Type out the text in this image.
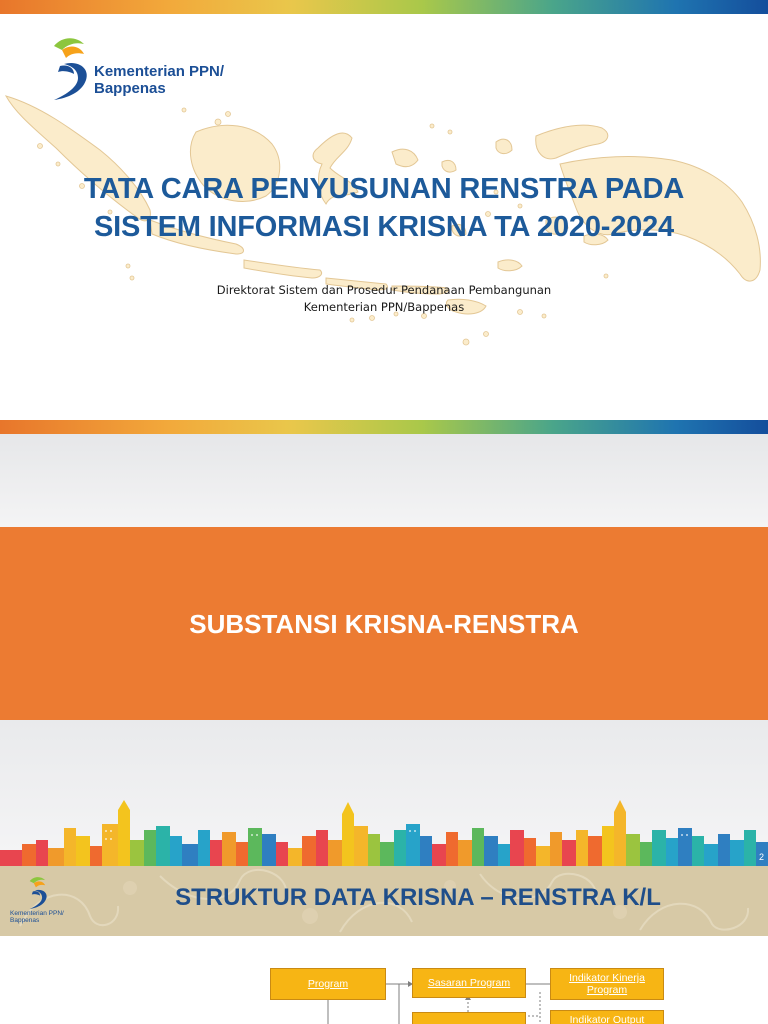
Kementerian PPN/
Bappenas
TATA CARA PENYUSUNAN RENSTRA PADA
SISTEM INFORMASI KRISNA TA 2020-2024
Direktorat Sistem dan Prosedur Pendanaan Pembangunan
Kementerian PPN/Bappenas
SUBSTANSI KRISNA-RENSTRA
2
Kementerian PPN/
Bappenas
STRUKTUR DATA KRISNA – RENSTRA K/L
Program	Sasaran Program	Indikator Kinerja
Program
Indikator Output
